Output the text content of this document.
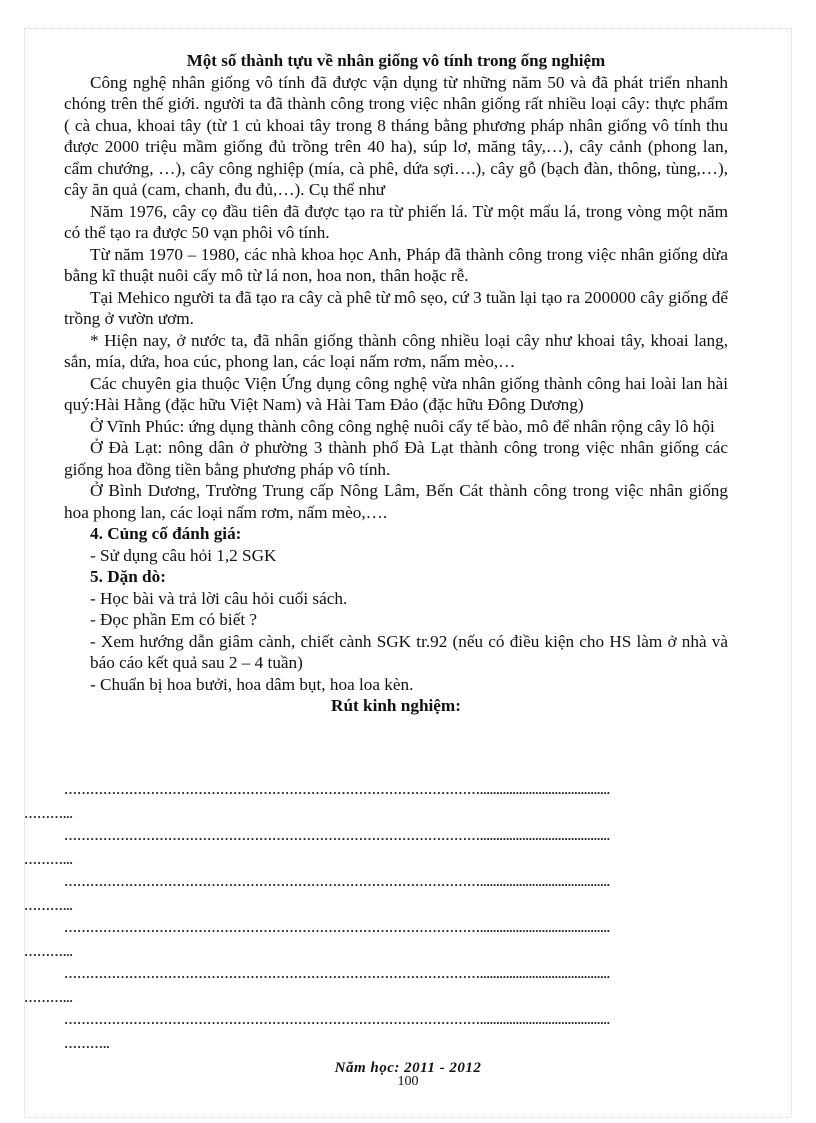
Một số thành tựu về nhân giống vô tính trong ống nghiệm

Công nghệ nhân giống vô tính đã được vận dụng từ những năm 50 và đã phát triển nhanh chóng trên thế giới. người ta đã thành công trong việc nhân giống rất nhiều loại cây: thực phẩm ( cà chua, khoai tây (từ 1 củ khoai tây trong 8 tháng bằng phương pháp nhân giống vô tính thu được 2000 triệu mầm giống đủ trồng trên 40 ha), súp lơ, măng tây,…), cây cảnh (phong lan, cẩm chướng, …), cây công nghiệp (mía, cà phê, dứa sợi….), cây gỗ (bạch đàn, thông, tùng,…), cây ăn quả (cam, chanh, đu đủ,…). Cụ thể như

Năm 1976, cây cọ đầu tiên đã được tạo ra từ phiến lá. Từ một mẩu lá, trong vòng một năm có thể tạo ra được 50 vạn phôi vô tính.

Từ năm 1970 – 1980, các nhà khoa học Anh, Pháp đã thành công trong việc nhân giống dừa bằng kĩ thuật nuôi cấy mô từ lá non, hoa non, thân hoặc rễ.

Tại Mehico người ta đã tạo ra cây cà phê từ mô sẹo, cứ 3 tuần lại tạo ra 200000 cây giống để trồng ở vườn ươm.

* Hiện nay, ở nước ta, đã nhân giống thành công nhiều loại cây như khoai tây, khoai lang, sắn, mía, dứa, hoa cúc, phong lan, các loại nấm rơm, nấm mèo,…

Các chuyên gia thuộc Viện Ứng dụng công nghệ vừa nhân giống thành công hai loài lan hài quý:Hài Hằng (đặc hữu Việt Nam) và Hài Tam Đảo (đặc hữu Đông Dương)

Ở Vĩnh Phúc: ứng dụng thành công công nghệ nuôi cấy tế bào, mô để nhân rộng cây lô hội

Ở Đà Lạt: nông dân ở phường 3 thành phố Đà Lạt thành công trong việc nhân giống các giống hoa đồng tiền bằng phương pháp vô tính.

Ở Bình Dương, Trường Trung cấp Nông Lâm, Bến Cát thành công trong việc nhân giống hoa phong lan, các loại nấm rơm, nấm mèo,….

4. Củng cố đánh giá:

- Sử dụng câu hỏi 1,2 SGK

5. Dặn dò:

- Học bài và trả lời câu hỏi cuối sách.

- Đọc phần Em có biết ?

- Xem hướng dẫn giâm cành, chiết cành SGK tr.92 (nếu có điều kiện cho HS làm ở nhà và báo cáo kết quả sau 2 – 4 tuần)

- Chuẩn bị hoa bưởi, hoa dâm bụt, hoa loa kèn.

Rút kinh nghiệm:

……………………………………………………………………………………........................................
………...
……………………………………………………………………………………........................................
………...
……………………………………………………………………………………........................................
………...
……………………………………………………………………………………........................................
………...
……………………………………………………………………………………........................................
………...
……………………………………………………………………………………........................................
………..
Năm học: 2011 - 2012
100
